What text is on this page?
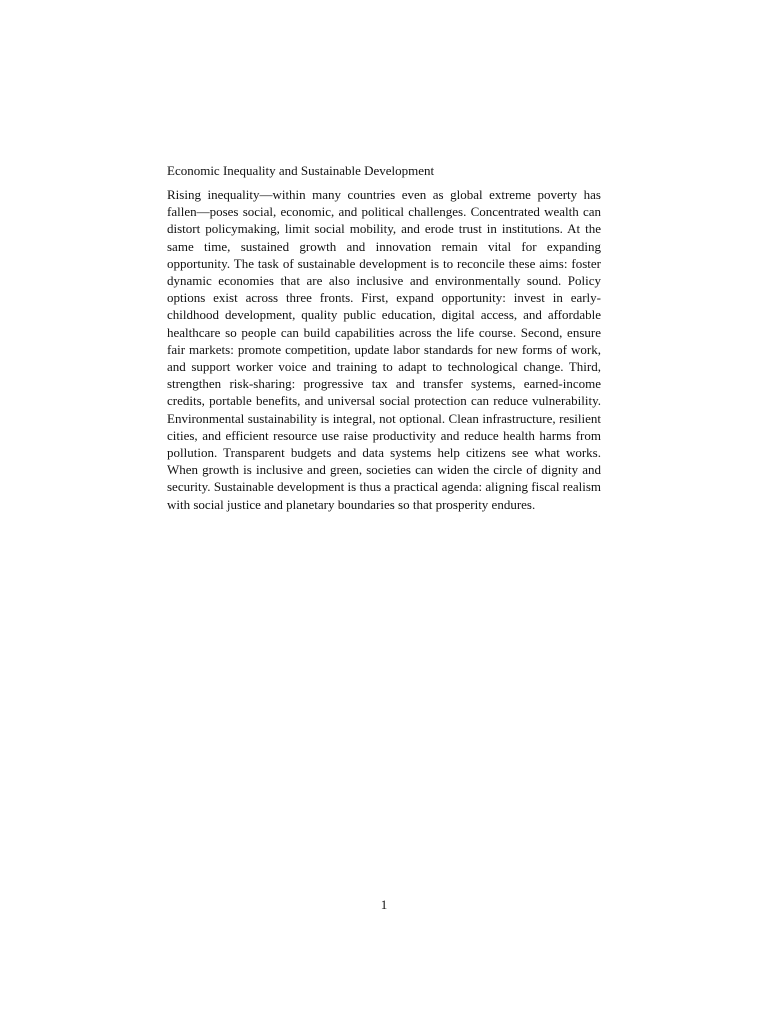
Economic Inequality and Sustainable Development

Rising inequality—within many countries even as global extreme poverty has fallen—poses social, economic, and political challenges. Concentrated wealth can distort policymaking, limit social mobility, and erode trust in institutions. At the same time, sustained growth and innovation remain vital for expanding opportunity. The task of sustainable development is to reconcile these aims: foster dynamic economies that are also inclusive and environmentally sound. Policy options exist across three fronts. First, expand opportunity: invest in early-childhood development, quality public education, digital access, and affordable healthcare so people can build capabilities across the life course. Second, ensure fair markets: promote competition, update labor standards for new forms of work, and support worker voice and training to adapt to technological change. Third, strengthen risk-sharing: progressive tax and transfer systems, earned-income credits, portable benefits, and universal social protection can reduce vulnerability. Environmental sustainability is integral, not optional. Clean infrastructure, resilient cities, and efficient resource use raise productivity and reduce health harms from pollution. Transparent budgets and data systems help citizens see what works. When growth is inclusive and green, societies can widen the circle of dignity and security. Sustainable development is thus a practical agenda: aligning fiscal realism with social justice and planetary boundaries so that prosperity endures.

1
